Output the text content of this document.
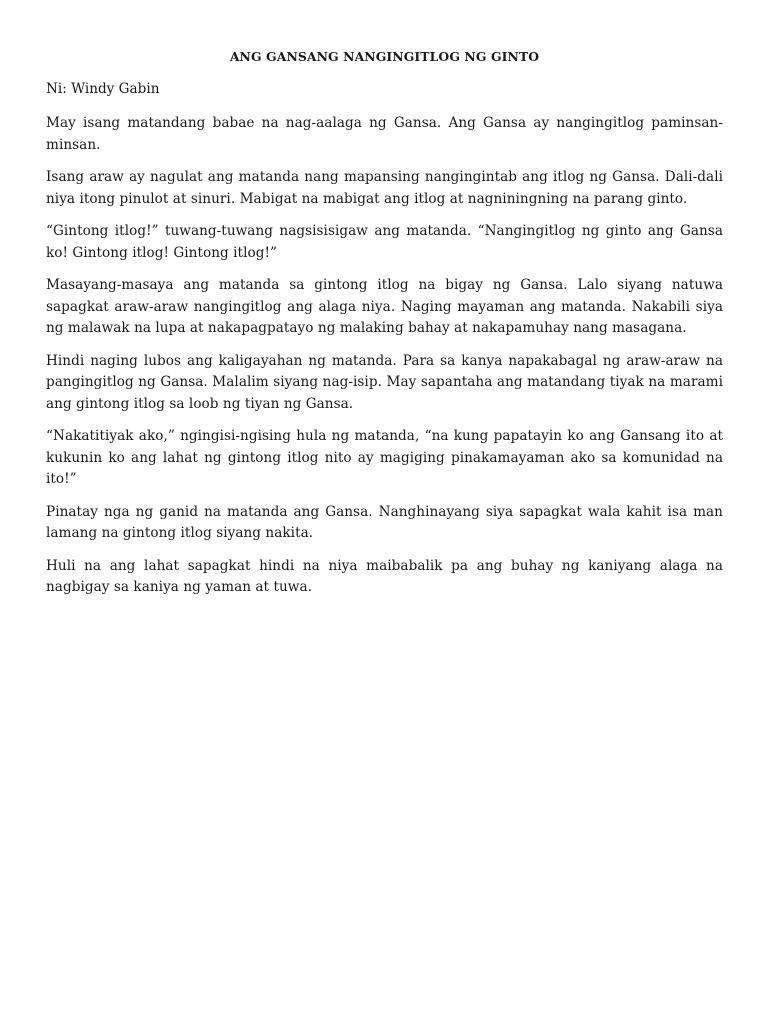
ANG GANSANG NANGINGITLOG NG GINTO
Ni: Windy Gabin

May isang matandang babae na nag-aalaga ng Gansa. Ang Gansa ay nangingitlog paminsan-minsan.

Isang araw ay nagulat ang matanda nang mapansing nangingintab ang itlog ng Gansa. Dali-dali niya itong pinulot at sinuri. Mabigat na mabigat ang itlog at nagniningning na parang ginto.

“Gintong itlog!” tuwang-tuwang nagsisisigaw ang matanda. “Nangingitlog ng ginto ang Gansa ko! Gintong itlog! Gintong itlog!”

Masayang-masaya ang matanda sa gintong itlog na bigay ng Gansa. Lalo siyang natuwa sapagkat araw-araw nangingitlog ang alaga niya. Naging mayaman ang matanda. Nakabili siya ng malawak na lupa at nakapagpatayo ng malaking bahay at nakapamuhay nang masagana.

Hindi naging lubos ang kaligayahan ng matanda. Para sa kanya napakabagal ng araw-araw na pangingitlog ng Gansa. Malalim siyang nag-isip. May sapantaha ang matandang tiyak na marami ang gintong itlog sa loob ng tiyan ng Gansa.

“Nakatitiyak ako,” ngingisi-ngising hula ng matanda, “na kung papatayin ko ang Gansang ito at kukunin ko ang lahat ng gintong itlog nito ay magiging pinakamayaman ako sa komunidad na ito!”

Pinatay nga ng ganid na matanda ang Gansa. Nanghinayang siya sapagkat wala kahit isa man lamang na gintong itlog siyang nakita.

Huli na ang lahat sapagkat hindi na niya maibabalik pa ang buhay ng kaniyang alaga na nagbigay sa kaniya ng yaman at tuwa.
